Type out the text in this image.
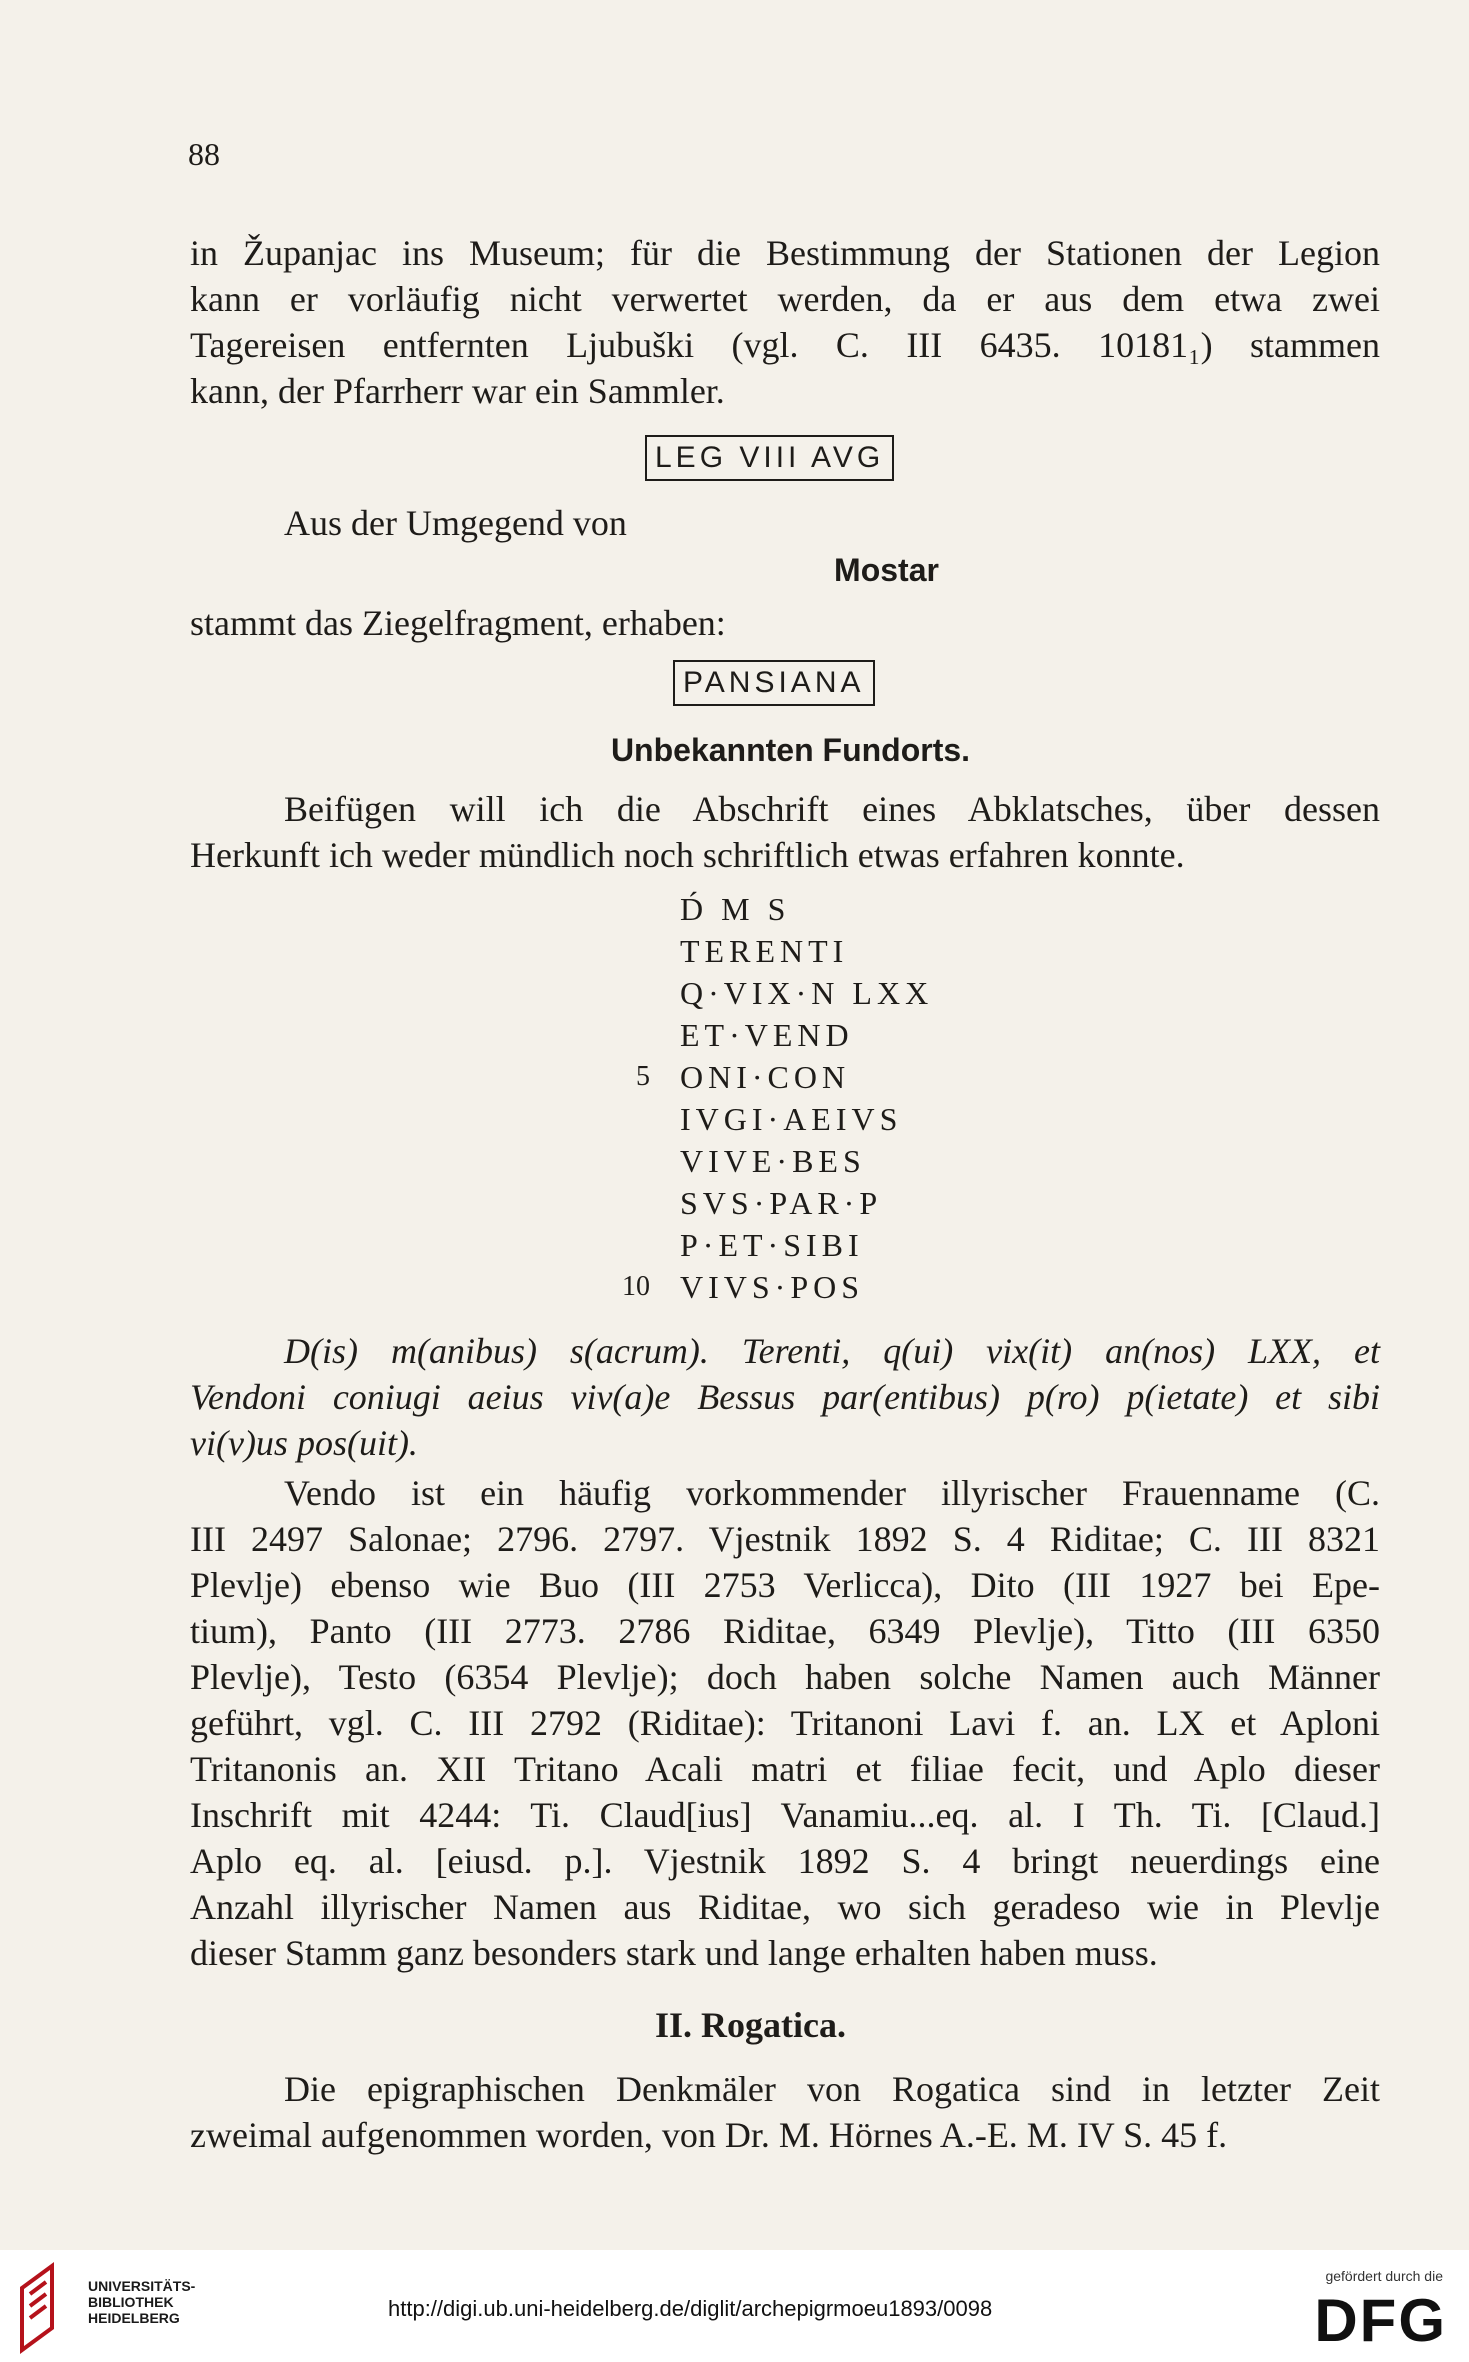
88
in Županjac ins Museum; für die Bestimmung der Stationen der Legion
kann er vorläufig nicht verwertet werden, da er aus dem etwa zwei
Tagereisen entfernten Ljubuški (vgl. C. III 6435. 10181₁) stammen
kann, der Pfarrherr war ein Sammler.
LEG VIII AVG
Aus der Umgegend von
Mostar
stammt das Ziegelfragment, erhaben:
PANSIANA
Unbekannten Fundorts.
Beifügen will ich die Abschrift eines Abklatsches, über dessen
Herkunft ich weder mündlich noch schriftlich etwas erfahren konnte.
D́ M S
TERENTI
Q·VIX·N LXX
ET·VEND
5 ONI·CON
IVGI·AEIVS
VIVE·BES
SVS·PAR·P
P·ET·SIBI
10 VIVS·POS
D(is) m(anibus) s(acrum). Terenti, q(ui) vix(it) an(nos) LXX, et
Vendoni coniugi aeius viv(a)e Bessus par(entibus) p(ro) p(ietate) et sibi
vi(v)us pos(uit).
Vendo ist ein häufig vorkommender illyrischer Frauenname (C.
III 2497 Salonae; 2796. 2797. Vjestnik 1892 S. 4 Riditae; C. III 8321
Plevlje) ebenso wie Buo (III 2753 Verlicca), Dito (III 1927 bei Epe-
tium), Panto (III 2773. 2786 Riditae, 6349 Plevlje), Titto (III 6350
Plevlje), Testo (6354 Plevlje); doch haben solche Namen auch Männer
geführt, vgl. C. III 2792 (Riditae): Tritanoni Lavi f. an. LX et Aploni
Tritanonis an. XII Tritano Acali matri et filiae fecit, und Aplo dieser
Inschrift mit 4244: Ti. Claud[ius] Vanamiu...eq. al. I Th. Ti. [Claud.]
Aplo eq. al. [eiusd. p.]. Vjestnik 1892 S. 4 bringt neuerdings eine
Anzahl illyrischer Namen aus Riditae, wo sich geradeso wie in Plevlje
dieser Stamm ganz besonders stark und lange erhalten haben muss.
II. Rogatica.
Die epigraphischen Denkmäler von Rogatica sind in letzter Zeit
zweimal aufgenommen worden, von Dr. M. Hörnes A.-E. M. IV S. 45 f.
UNIVERSITÄTS-
BIBLIOTHEK
HEIDELBERG	http://digi.ub.uni-heidelberg.de/diglit/archepigrmoeu1893/0098
gefördert durch die
DFG
